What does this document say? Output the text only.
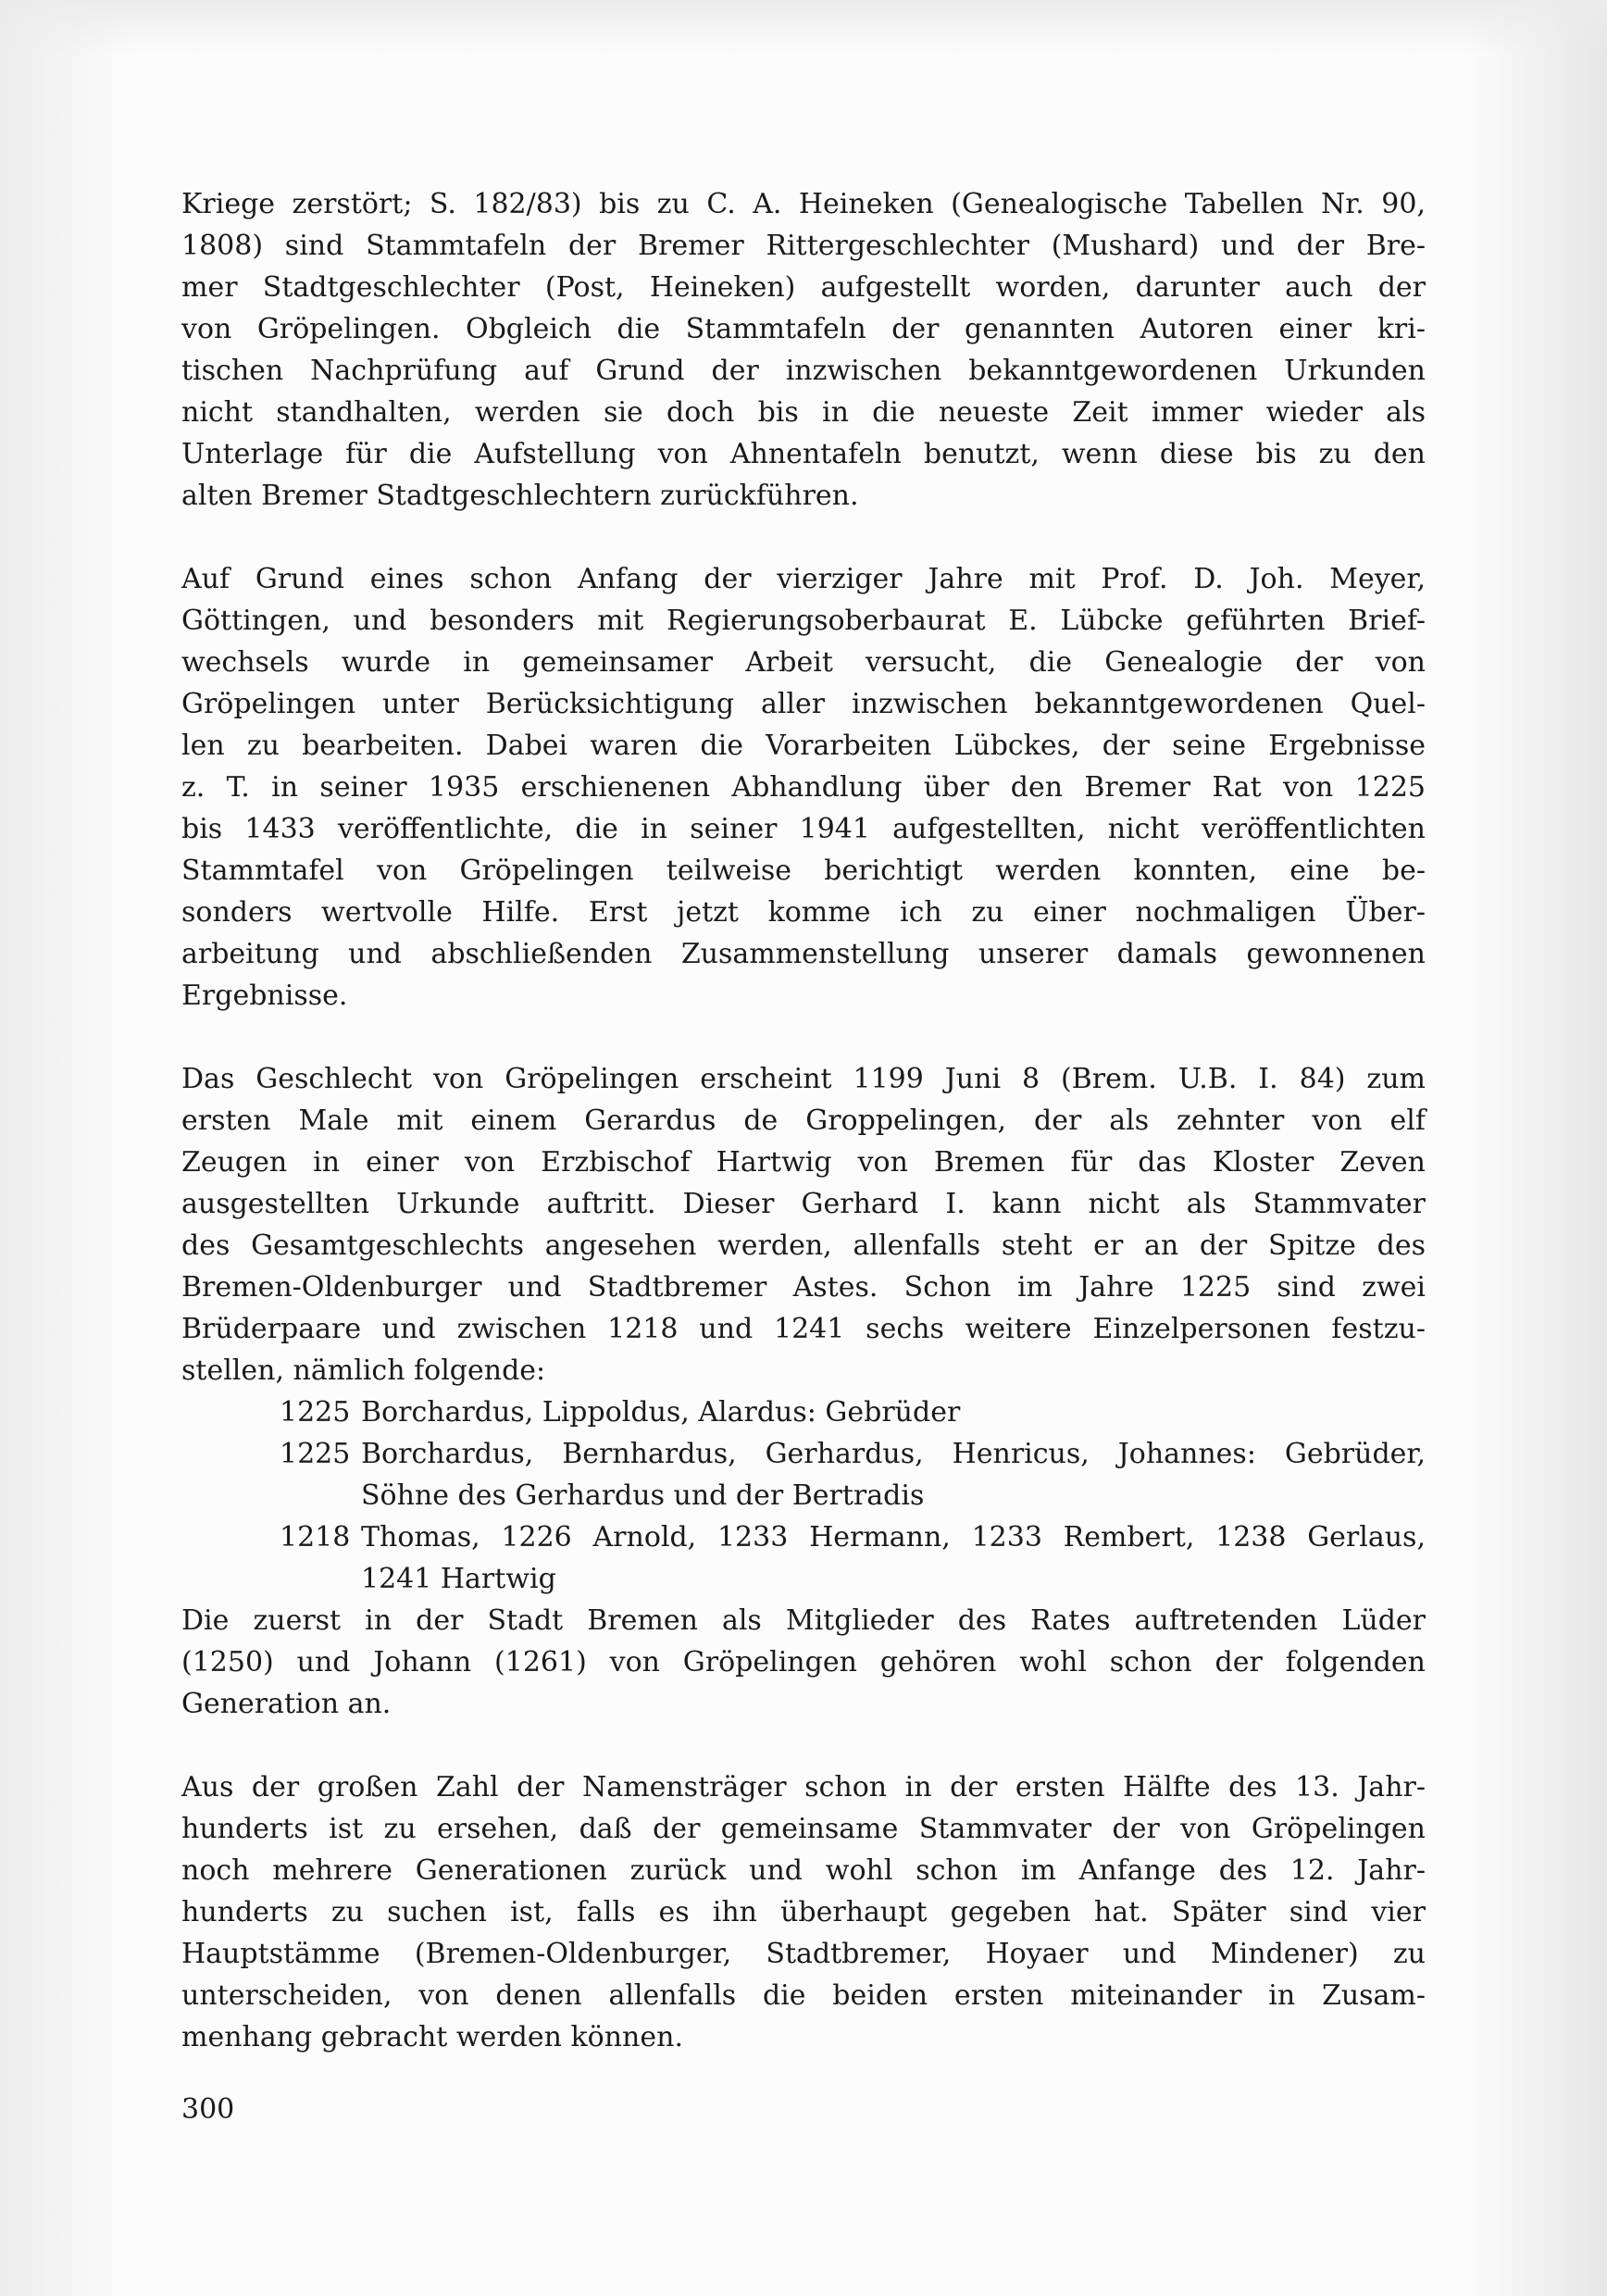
Kriege zerstört; S. 182/83) bis zu C. A. Heineken (Genealogische Tabellen Nr. 90,
1808) sind Stammtafeln der Bremer Rittergeschlechter (Mushard) und der Bre-
mer Stadtgeschlechter (Post, Heineken) aufgestellt worden, darunter auch der
von Gröpelingen. Obgleich die Stammtafeln der genannten Autoren einer kri-
tischen Nachprüfung auf Grund der inzwischen bekanntgewordenen Urkunden
nicht standhalten, werden sie doch bis in die neueste Zeit immer wieder als
Unterlage für die Aufstellung von Ahnentafeln benutzt, wenn diese bis zu den
alten Bremer Stadtgeschlechtern zurückführen.
Auf Grund eines schon Anfang der vierziger Jahre mit Prof. D. Joh. Meyer,
Göttingen, und besonders mit Regierungsoberbaurat E. Lübcke geführten Brief-
wechsels wurde in gemeinsamer Arbeit versucht, die Genealogie der von
Gröpelingen unter Berücksichtigung aller inzwischen bekanntgewordenen Quel-
len zu bearbeiten. Dabei waren die Vorarbeiten Lübckes, der seine Ergebnisse
z. T. in seiner 1935 erschienenen Abhandlung über den Bremer Rat von 1225
bis 1433 veröffentlichte, die in seiner 1941 aufgestellten, nicht veröffentlichten
Stammtafel von Gröpelingen teilweise berichtigt werden konnten, eine be-
sonders wertvolle Hilfe. Erst jetzt komme ich zu einer nochmaligen Über-
arbeitung und abschließenden Zusammenstellung unserer damals gewonnenen
Ergebnisse.
Das Geschlecht von Gröpelingen erscheint 1199 Juni 8 (Brem. U.B. I. 84) zum
ersten Male mit einem Gerardus de Groppelingen, der als zehnter von elf
Zeugen in einer von Erzbischof Hartwig von Bremen für das Kloster Zeven
ausgestellten Urkunde auftritt. Dieser Gerhard I. kann nicht als Stammvater
des Gesamtgeschlechts angesehen werden, allenfalls steht er an der Spitze des
Bremen-Oldenburger und Stadtbremer Astes. Schon im Jahre 1225 sind zwei
Brüderpaare und zwischen 1218 und 1241 sechs weitere Einzelpersonen festzu-
stellen, nämlich folgende:
1225 Borchardus, Lippoldus, Alardus: Gebrüder
1225 Borchardus, Bernhardus, Gerhardus, Henricus, Johannes: Gebrüder,
Söhne des Gerhardus und der Bertradis
1218 Thomas, 1226 Arnold, 1233 Hermann, 1233 Rembert, 1238 Gerlaus,
1241 Hartwig
Die zuerst in der Stadt Bremen als Mitglieder des Rates auftretenden Lüder
(1250) und Johann (1261) von Gröpelingen gehören wohl schon der folgenden
Generation an.
Aus der großen Zahl der Namensträger schon in der ersten Hälfte des 13. Jahr-
hunderts ist zu ersehen, daß der gemeinsame Stammvater der von Gröpelingen
noch mehrere Generationen zurück und wohl schon im Anfange des 12. Jahr-
hunderts zu suchen ist, falls es ihn überhaupt gegeben hat. Später sind vier
Hauptstämme (Bremen-Oldenburger, Stadtbremer, Hoyaer und Mindener) zu
unterscheiden, von denen allenfalls die beiden ersten miteinander in Zusam-
menhang gebracht werden können.
300
